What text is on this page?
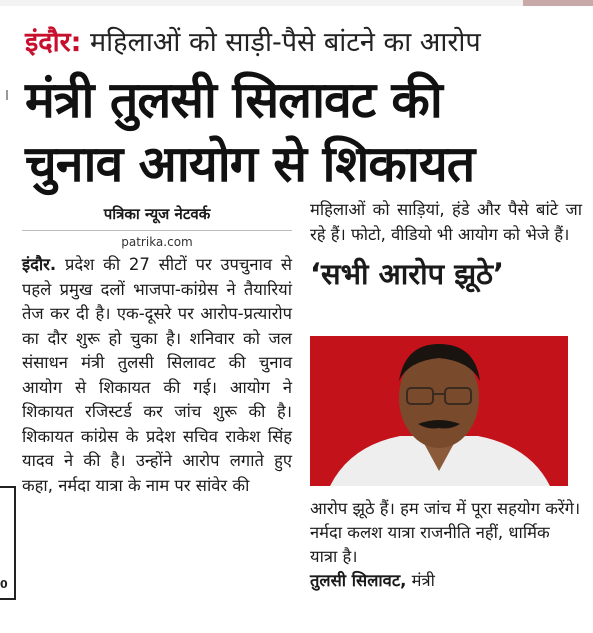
इंदौर: महिलाओं को साड़ी-पैसे बांटने का आरोप
मंत्री तुलसी सिलावट की
चुनाव आयोग से शिकायत
पत्रिका न्यूज नेटवर्क
patrika.com
इंदौर. प्रदेश की 27 सीटों पर उपचुनाव से पहले प्रमुख दलों भाजपा-कांग्रेस ने तैयारियां तेज कर दी है। एक-दूसरे पर आरोप-प्रत्यारोप का दौर शुरू हो चुका है। शनिवार को जल संसाधन मंत्री तुलसी सिलावट की चुनाव आयोग से शिकायत की गई। आयोग ने शिकायत रजिस्टर्ड कर जांच शुरू की है। शिकायत कांग्रेस के प्रदेश सचिव राकेश सिंह यादव ने की है। उन्होंने आरोप लगाते हुए कहा, नर्मदा यात्रा के नाम पर सांवेर की
महिलाओं को साड़ियां, हंडे और पैसे बांटे जा रहे हैं। फोटो, वीडियो भी आयोग को भेजे हैं।
‘सभी आरोप झूठे’
आरोप झूठे हैं। हम जांच में पूरा सहयोग करेंगे। नर्मदा कलश यात्रा राजनीति नहीं, धार्मिक यात्रा है।
तुलसी सिलावट, मंत्री
0
